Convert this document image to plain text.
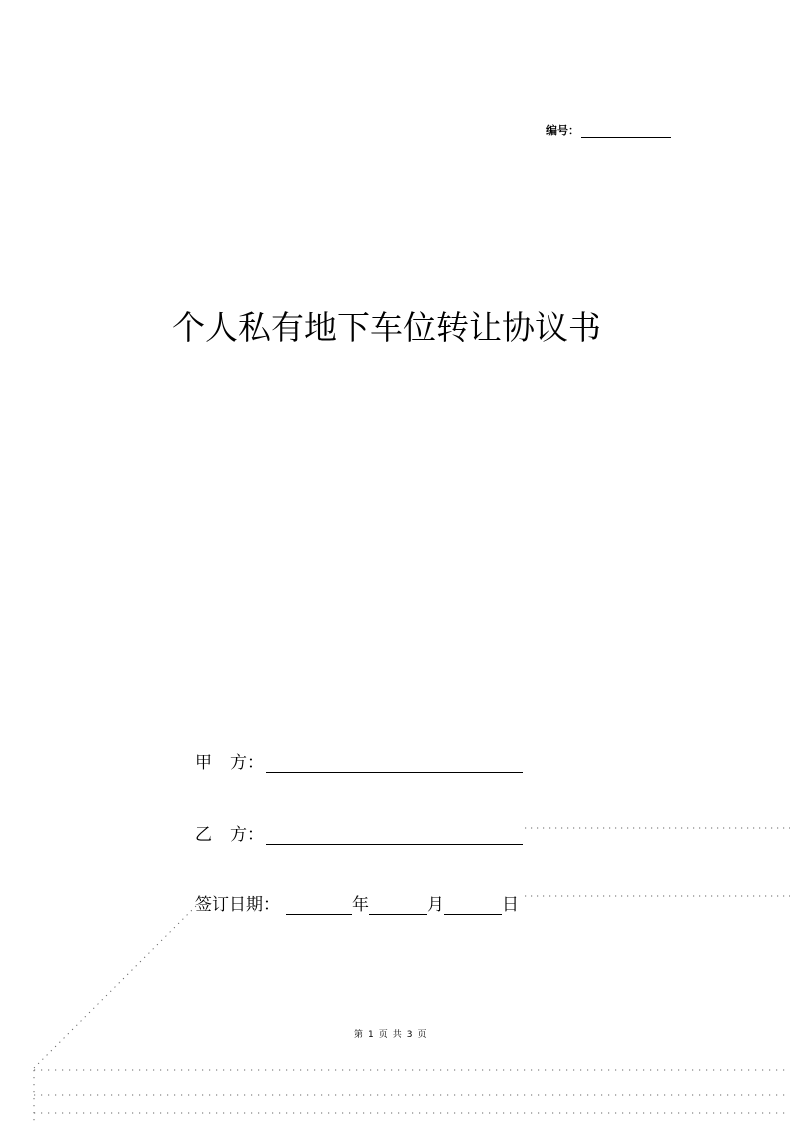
编号：
个人私有地下车位转让协议书
甲 方：
乙 方：
签订日期：	年	月	日
第 1 页 共 3 页
